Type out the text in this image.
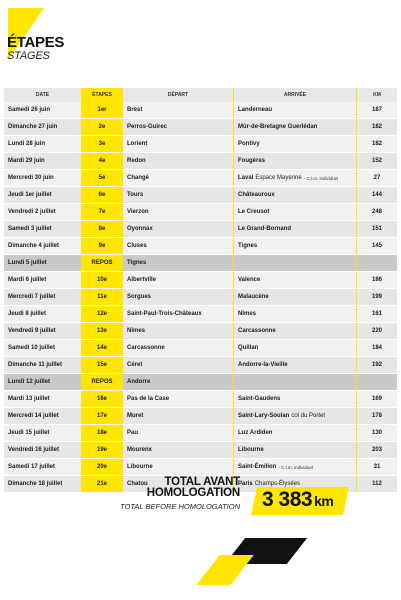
ÉTAPES
STAGES
DATE	ÉTAPES	DÉPART	ARRIVÉE	KM
Samedi 26 juin	1er	Brest	Landerneau	187
Dimanche 27 juin	2e	Perros-Guirec	Mûr-de-Bretagne Guerlédan	182
Lundi 28 juin	3e	Lorient	Pontivy	182
Mardi 29 juin	4e	Redon	Fougères	152
Mercredi 30 juin	5e	Changé	Laval Espace Mayenne - C.l.m. individuel	27
Jeudi 1er juillet	6e	Tours	Châteauroux	144
Vendredi 2 juillet	7e	Vierzon	Le Creusot	248
Samedi 3 juillet	8e	Oyonnax	Le Grand-Bornand	151
Dimanche 4 juillet	9e	Cluses	Tignes	145
Lundi 5 juillet	REPOS Tignes
Mardi 6 juillet	10e	Albertville	Valence	186
Mercredi 7 juillet	11e	Sorgues	Malaucène	199
Jeudi 8 juillet	12e	Saint-Paul-Trois-Châteaux	Nîmes	161
Vendredi 9 juillet	13e	Nîmes	Carcassonne	220
Samedi 10 juillet	14e	Carcassonne	Quillan	184
Dimanche 11 juillet	15e	Céret	Andorre-la-Vieille	192
Lundi 12 juillet	REPOS Andorre
Mardi 13 juillet	16e	Pas de la Case	Saint-Gaudens	169
Mercredi 14 juillet	17e	Muret	Saint-Lary-Soulan col du Portet	178
Jeudi 15 juillet	18e	Pau	Luz Ardiden	130
Vendredi 16 juillet	19e	Mourenx	Libourne	203
Samedi 17 juillet	20e	Libourne	Saint-Émilion - C.l.m. individuel	31
Dimanche 18 juillet	21e	Chatou	Paris Champs-Élysées	112
TOTAL AVANT
HOMOLOGATION
TOTAL BEFORE HOMOLOGATION 3 383 km
